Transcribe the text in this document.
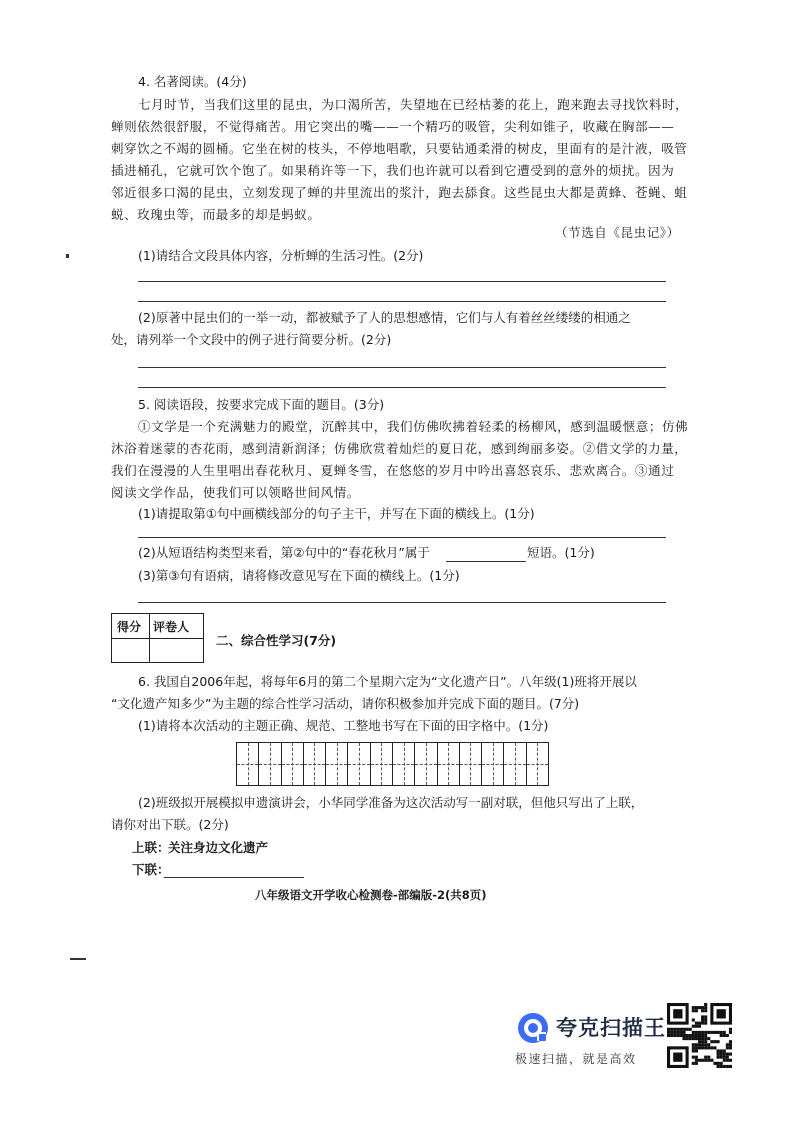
4. 名著阅读。(4分)
七月时节，当我们这里的昆虫，为口渴所苦，失望地在已经枯萎的花上，跑来跑去寻找饮料时，
蝉则依然很舒服，不觉得痛苦。用它突出的嘴——一个精巧的吸管，尖利如锥子，收藏在胸部——
刺穿饮之不竭的圆桶。它坐在树的枝头，不停地唱歌，只要钻通柔滑的树皮，里面有的是汁液，吸管
插进桶孔，它就可饮个饱了。如果稍许等一下，我们也许就可以看到它遭受到的意外的烦扰。因为
邻近很多口渴的昆虫，立刻发现了蝉的井里流出的浆汁，跑去舔食。这些昆虫大都是黄蜂、苍蝇、蛆
蜕、玫瑰虫等，而最多的却是蚂蚁。
（节选自《昆虫记》）
(1)请结合文段具体内容，分析蝉的生活习性。(2分)
(2)原著中昆虫们的一举一动，都被赋予了人的思想感情，它们与人有着丝丝缕缕的相通之
处，请列举一个文段中的例子进行简要分析。(2分)
5. 阅读语段，按要求完成下面的题目。(3分)
①文学是一个充满魅力的殿堂，沉醉其中，我们仿佛吹拂着轻柔的杨柳风，感到温暖惬意；仿佛
沐浴着迷蒙的杏花雨，感到清新润泽；仿佛欣赏着灿烂的夏日花，感到绚丽多姿。②借文学的力量，
我们在漫漫的人生里唱出春花秋月、夏蝉冬雪，在悠悠的岁月中吟出喜怒哀乐、悲欢离合。③通过
阅读文学作品，使我们可以领略世间风情。
(1)请提取第①句中画横线部分的句子主干，并写在下面的横线上。(1分)
(2)从短语结构类型来看，第②句中的“春花秋月”属于	短语。(1分)
(3)第③句有语病，请将修改意见写在下面的横线上。(1分)
得分 评卷人
二、综合性学习(7分)
6. 我国自2006年起，将每年6月的第二个星期六定为“文化遗产日”。八年级(1)班将开展以
“文化遗产知多少”为主题的综合性学习活动，请你积极参加并完成下面的题目。(7分)
(1)请将本次活动的主题正确、规范、工整地书写在下面的田字格中。(1分)
(2)班级拟开展模拟申遗演讲会，小华同学准备为这次活动写一副对联，但他只写出了上联，
请你对出下联。(2分)
上联：
关注身边文化遗产
下联：
八年级语文开学收心检测卷-部编版-2(共8页)
夸克扫描王
极速扫描，就是高效
